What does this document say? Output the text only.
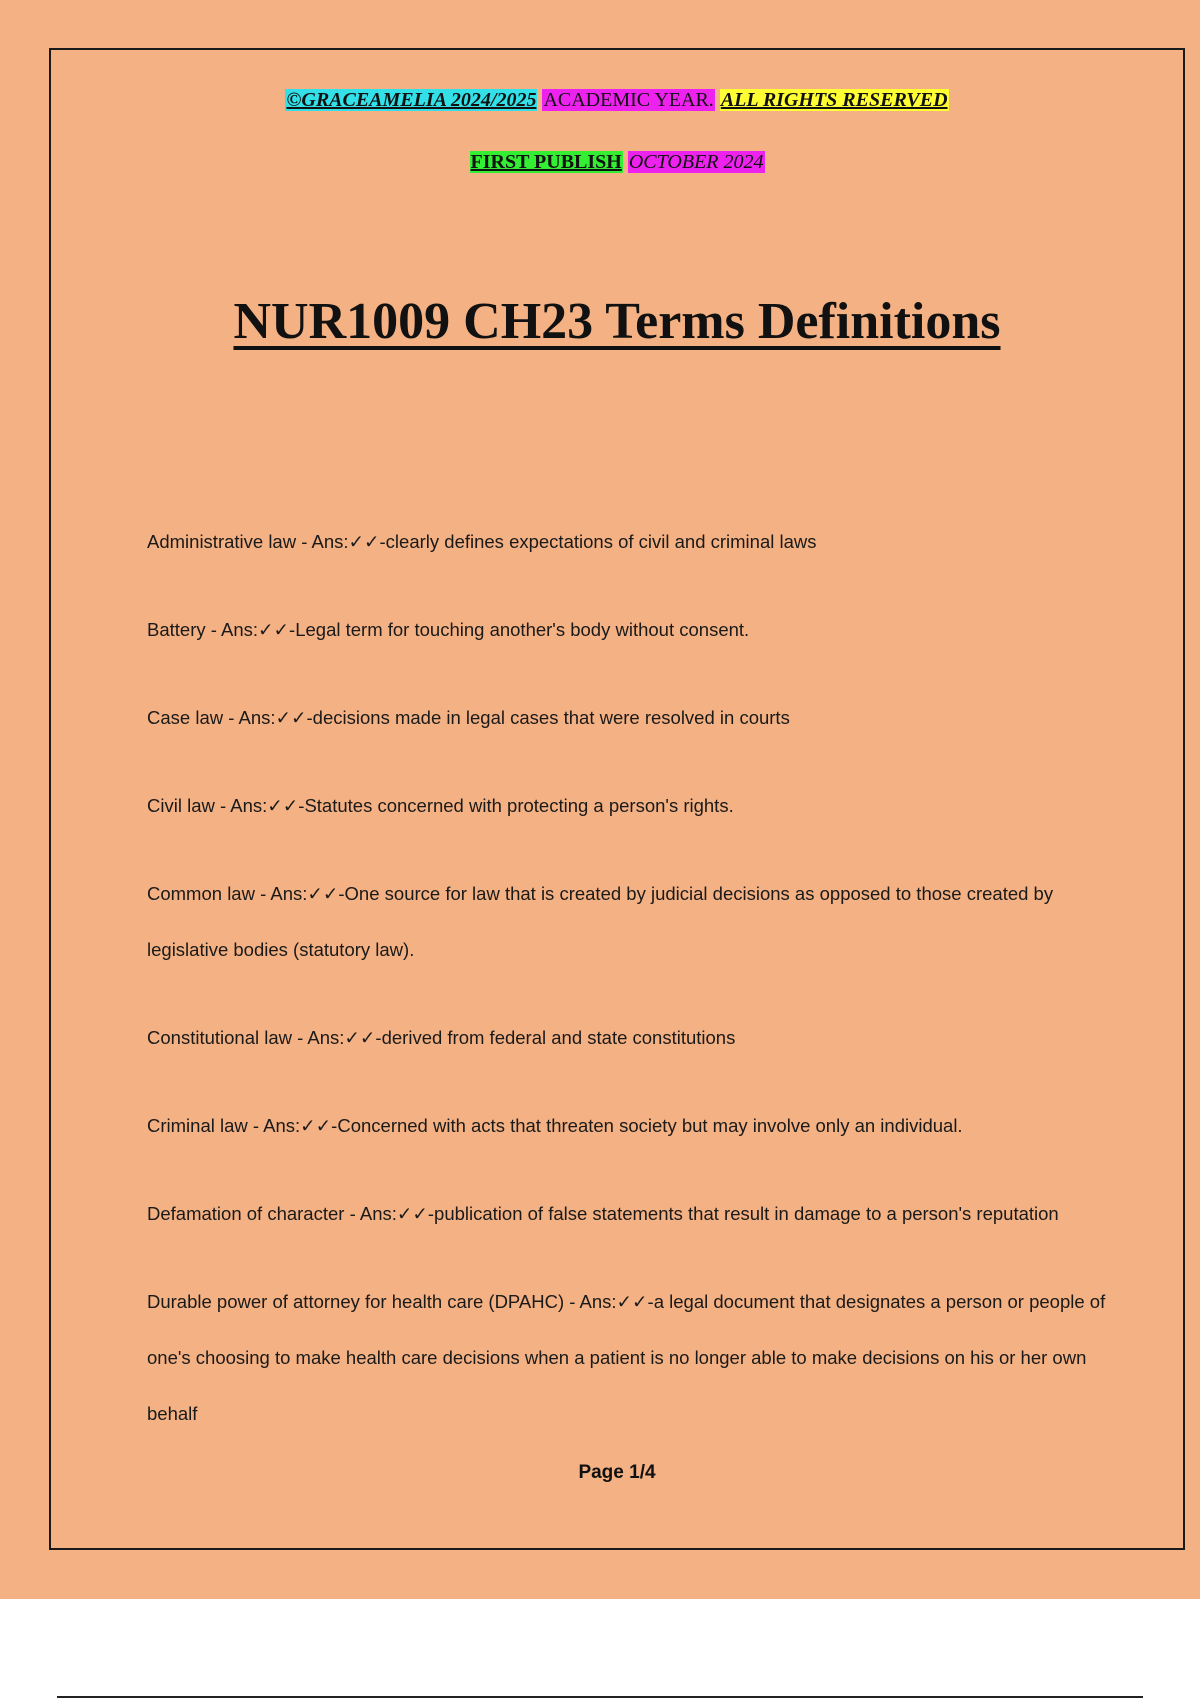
©GRACEAMELIA 2024/2025 ACADEMIC YEAR. ALL RIGHTS RESERVED
FIRST PUBLISH OCTOBER 2024
NUR1009 CH23 Terms Definitions

Administrative law - Ans:✓✓-clearly defines expectations of civil and criminal laws

Battery - Ans:✓✓-Legal term for touching another's body without consent.

Case law - Ans:✓✓-decisions made in legal cases that were resolved in courts

Civil law - Ans:✓✓-Statutes concerned with protecting a person's rights.

Common law - Ans:✓✓-One source for law that is created by judicial decisions as opposed to those created by legislative bodies (statutory law).

Constitutional law - Ans:✓✓-derived from federal and state constitutions

Criminal law - Ans:✓✓-Concerned with acts that threaten society but may involve only an individual.

Defamation of character - Ans:✓✓-publication of false statements that result in damage to a person's reputation

Durable power of attorney for health care (DPAHC) - Ans:✓✓-a legal document that designates a person or people of one's choosing to make health care decisions when a patient is no longer able to make decisions on his or her own behalf

Page 1/4
